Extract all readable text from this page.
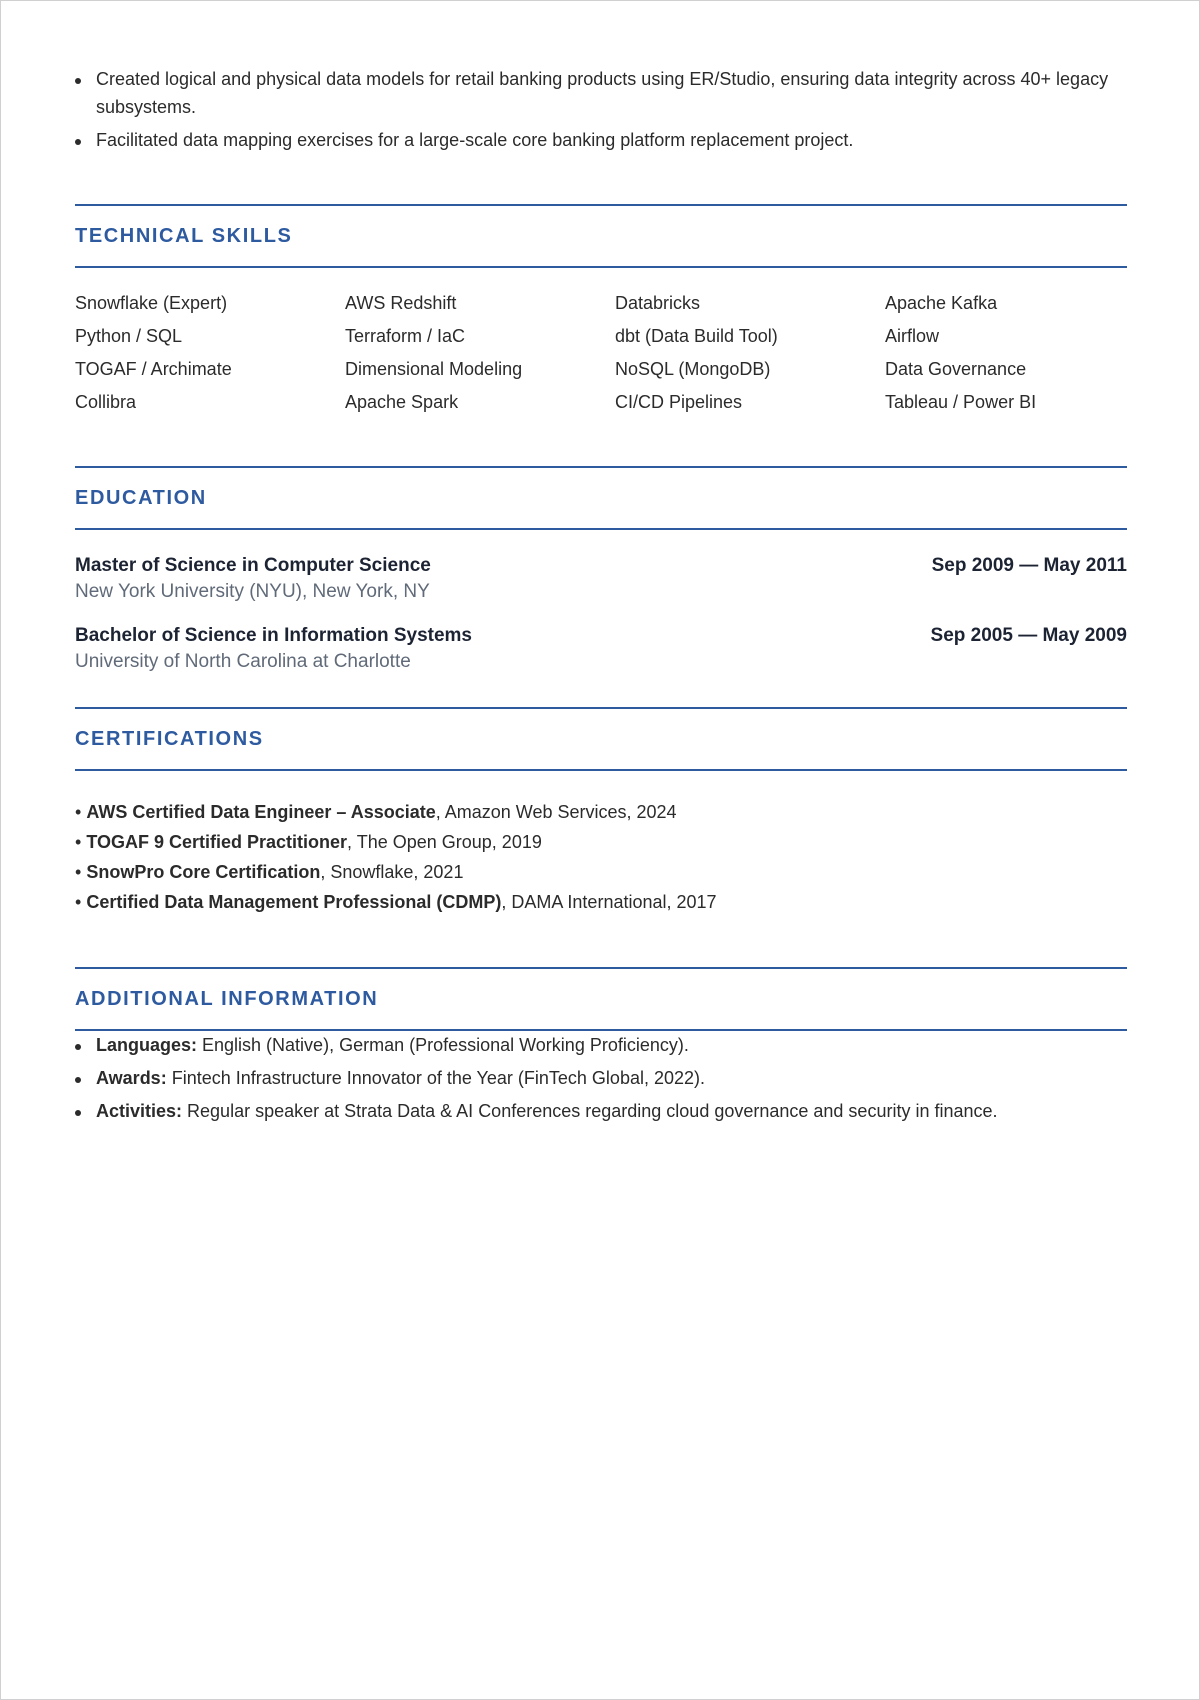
Created logical and physical data models for retail banking products using ER/Studio, ensuring data integrity across 40+ legacy subsystems.
Facilitated data mapping exercises for a large-scale core banking platform replacement project.
TECHNICAL SKILLS
Snowflake (Expert)	AWS Redshift	Databricks	Apache Kafka
Python / SQL	Terraform / IaC	dbt (Data Build Tool)	Airflow
TOGAF / Archimate	Dimensional Modeling	NoSQL (MongoDB)	Data Governance
Collibra	Apache Spark	CI/CD Pipelines	Tableau / Power BI
EDUCATION
Master of Science in Computer Science	Sep 2009 — May 2011
New York University (NYU), New York, NY
Bachelor of Science in Information Systems	Sep 2005 — May 2009
University of North Carolina at Charlotte
CERTIFICATIONS
• AWS Certified Data Engineer – Associate, Amazon Web Services, 2024
• TOGAF 9 Certified Practitioner, The Open Group, 2019
• SnowPro Core Certification, Snowflake, 2021
• Certified Data Management Professional (CDMP), DAMA International, 2017
ADDITIONAL INFORMATION
Languages: English (Native), German (Professional Working Proficiency).
Awards: Fintech Infrastructure Innovator of the Year (FinTech Global, 2022).
Activities: Regular speaker at Strata Data & AI Conferences regarding cloud governance and security in finance.
